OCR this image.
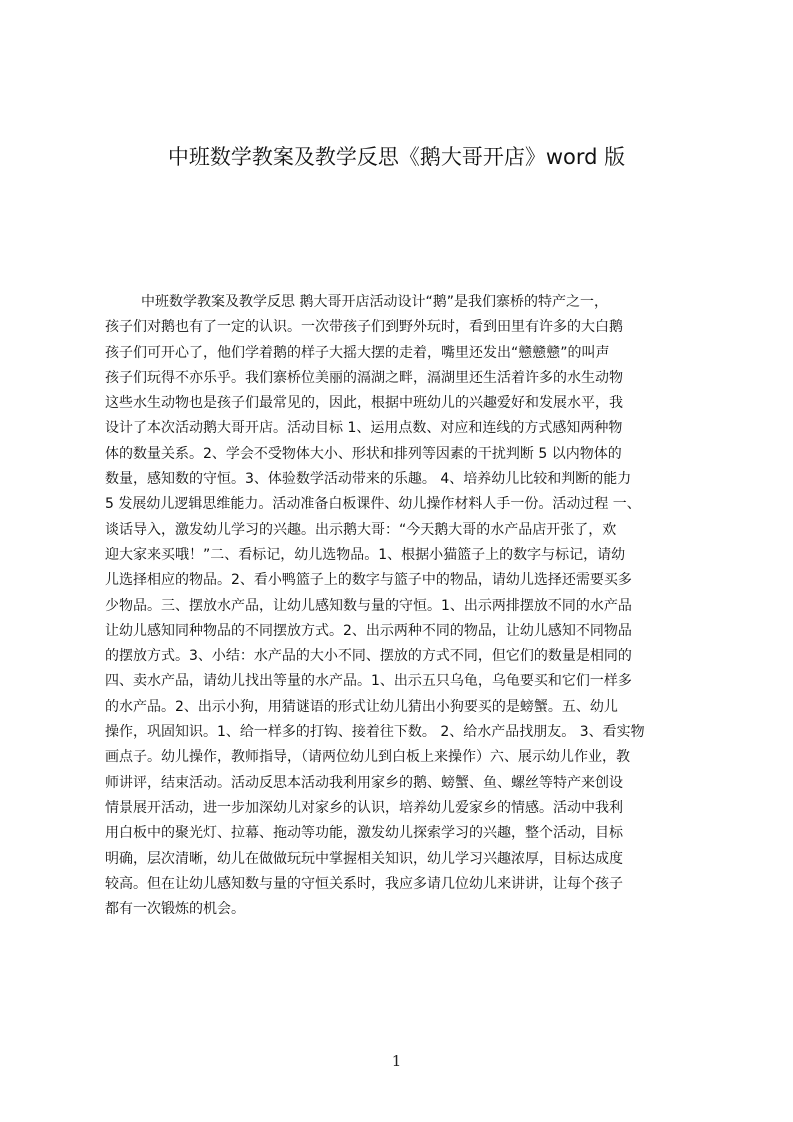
中班数学教案及教学反思《鹅大哥开店》word 版
中班数学教案及教学反思 鹅大哥开店活动设计“鹅”是我们寨桥的特产之一，
孩子们对鹅也有了一定的认识。一次带孩子们到野外玩时，看到田里有许多的大白鹅
孩子们可开心了，他们学着鹅的样子大摇大摆的走着，嘴里还发出“戆戆戆”的叫声
孩子们玩得不亦乐乎。我们寨桥位美丽的滆湖之畔，滆湖里还生活着许多的水生动物
这些水生动物也是孩子们最常见的，因此，根据中班幼儿的兴趣爱好和发展水平，我
设计了本次活动鹅大哥开店。活动目标 1、运用点数、对应和连线的方式感知两种物
体的数量关系。2、学会不受物体大小、形状和排列等因素的干扰判断 5 以内物体的
数量，感知数的守恒。3、体验数学活动带来的乐趣。 4、培养幼儿比较和判断的能力
5 发展幼儿逻辑思维能力。活动准备白板课件、幼儿操作材料人手一份。活动过程 一、
谈话导入，激发幼儿学习的兴趣。出示鹅大哥：“今天鹅大哥的水产品店开张了，欢
迎大家来买哦！”二、看标记，幼儿选物品。1、根据小猫篮子上的数字与标记，请幼
儿选择相应的物品。2、看小鸭篮子上的数字与篮子中的物品，请幼儿选择还需要买多
少物品。三、摆放水产品，让幼儿感知数与量的守恒。1、出示两排摆放不同的水产品
让幼儿感知同种物品的不同摆放方式。2、出示两种不同的物品，让幼儿感知不同物品
的摆放方式。3、小结：水产品的大小不同、摆放的方式不同，但它们的数量是相同的
四、卖水产品，请幼儿找出等量的水产品。1、出示五只乌龟，乌龟要买和它们一样多
的水产品。2、出示小狗，用猜谜语的形式让幼儿猜出小狗要买的是螃蟹。五、幼儿
操作，巩固知识。1、给一样多的打钩、接着往下数。 2、给水产品找朋友。 3、看实物
画点子。幼儿操作，教师指导，（请两位幼儿到白板上来操作）六、展示幼儿作业，教
师讲评，结束活动。活动反思本活动我利用家乡的鹅、螃蟹、鱼、螺丝等特产来创设
情景展开活动，进一步加深幼儿对家乡的认识，培养幼儿爱家乡的情感。活动中我利
用白板中的聚光灯、拉幕、拖动等功能，激发幼儿探索学习的兴趣，整个活动，目标
明确，层次清晰，幼儿在做做玩玩中掌握相关知识，幼儿学习兴趣浓厚，目标达成度
较高。但在让幼儿感知数与量的守恒关系时，我应多请几位幼儿来讲讲，让每个孩子
都有一次锻炼的机会。
1
